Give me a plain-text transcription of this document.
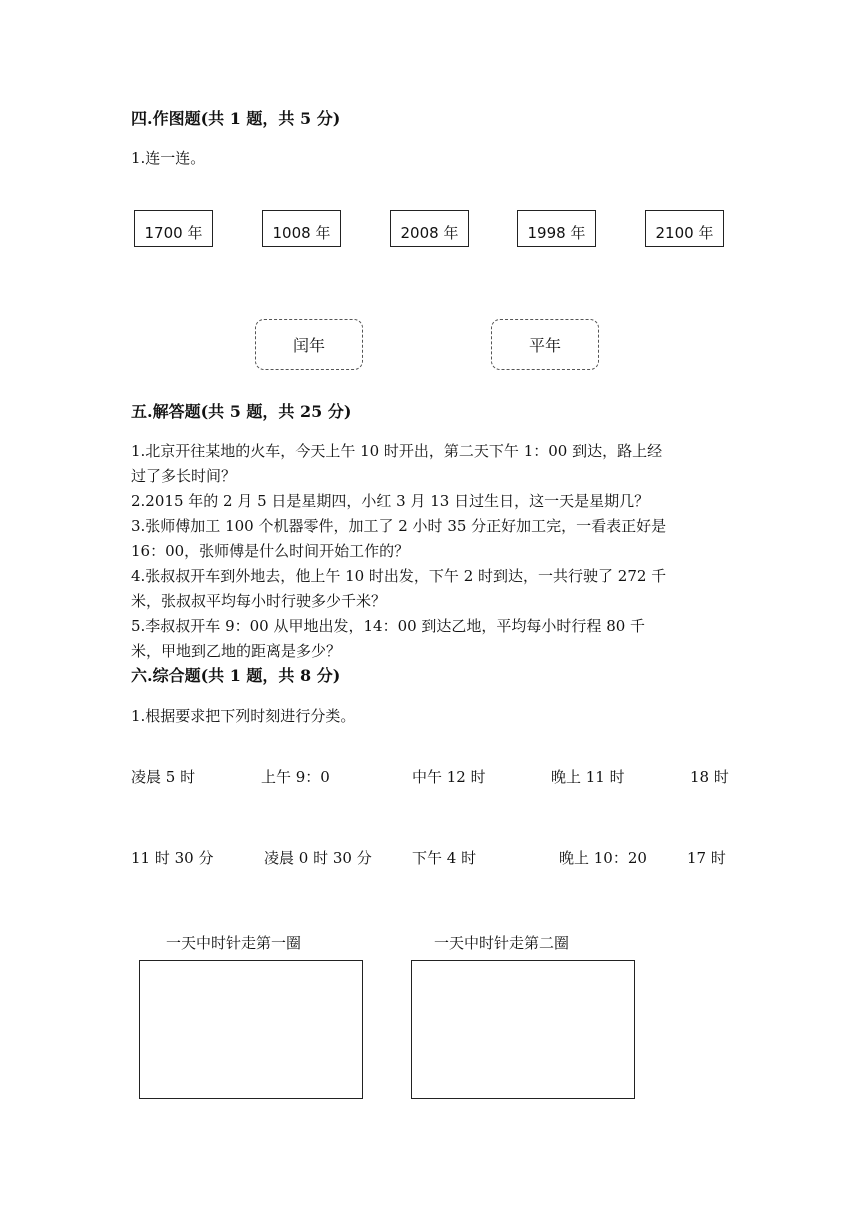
四.作图题(共 1 题，共 5 分)
1.连一连。
1700 年	1008 年	2008 年	1998 年	2100 年
闰年	平年
五.解答题(共 5 题，共 25 分)
1.北京开往某地的火车，今天上午 10 时开出，第二天下午 1：00 到达，路上经
过了多长时间？
2.2015 年的 2 月 5 日是星期四，小红 3 月 13 日过生日，这一天是星期几？
3.张师傅加工 100 个机器零件，加工了 2 小时 35 分正好加工完，一看表正好是
16：00，张师傅是什么时间开始工作的？
4.张叔叔开车到外地去，他上午 10 时出发，下午 2 时到达，一共行驶了 272 千
米，张叔叔平均每小时行驶多少千米？
5.李叔叔开车 9：00 从甲地出发，14：00 到达乙地，平均每小时行程 80 千
米，甲地到乙地的距离是多少？
六.综合题(共 1 题，共 8 分)
1.根据要求把下列时刻进行分类。
凌晨 5 时	上午 9：0	中午 12 时	晚上 11 时	18 时
11 时 30 分	凌晨 0 时 30 分	下午 4 时	晚上 10：20	17 时
一天中时针走第一圈	一天中时针走第二圈
